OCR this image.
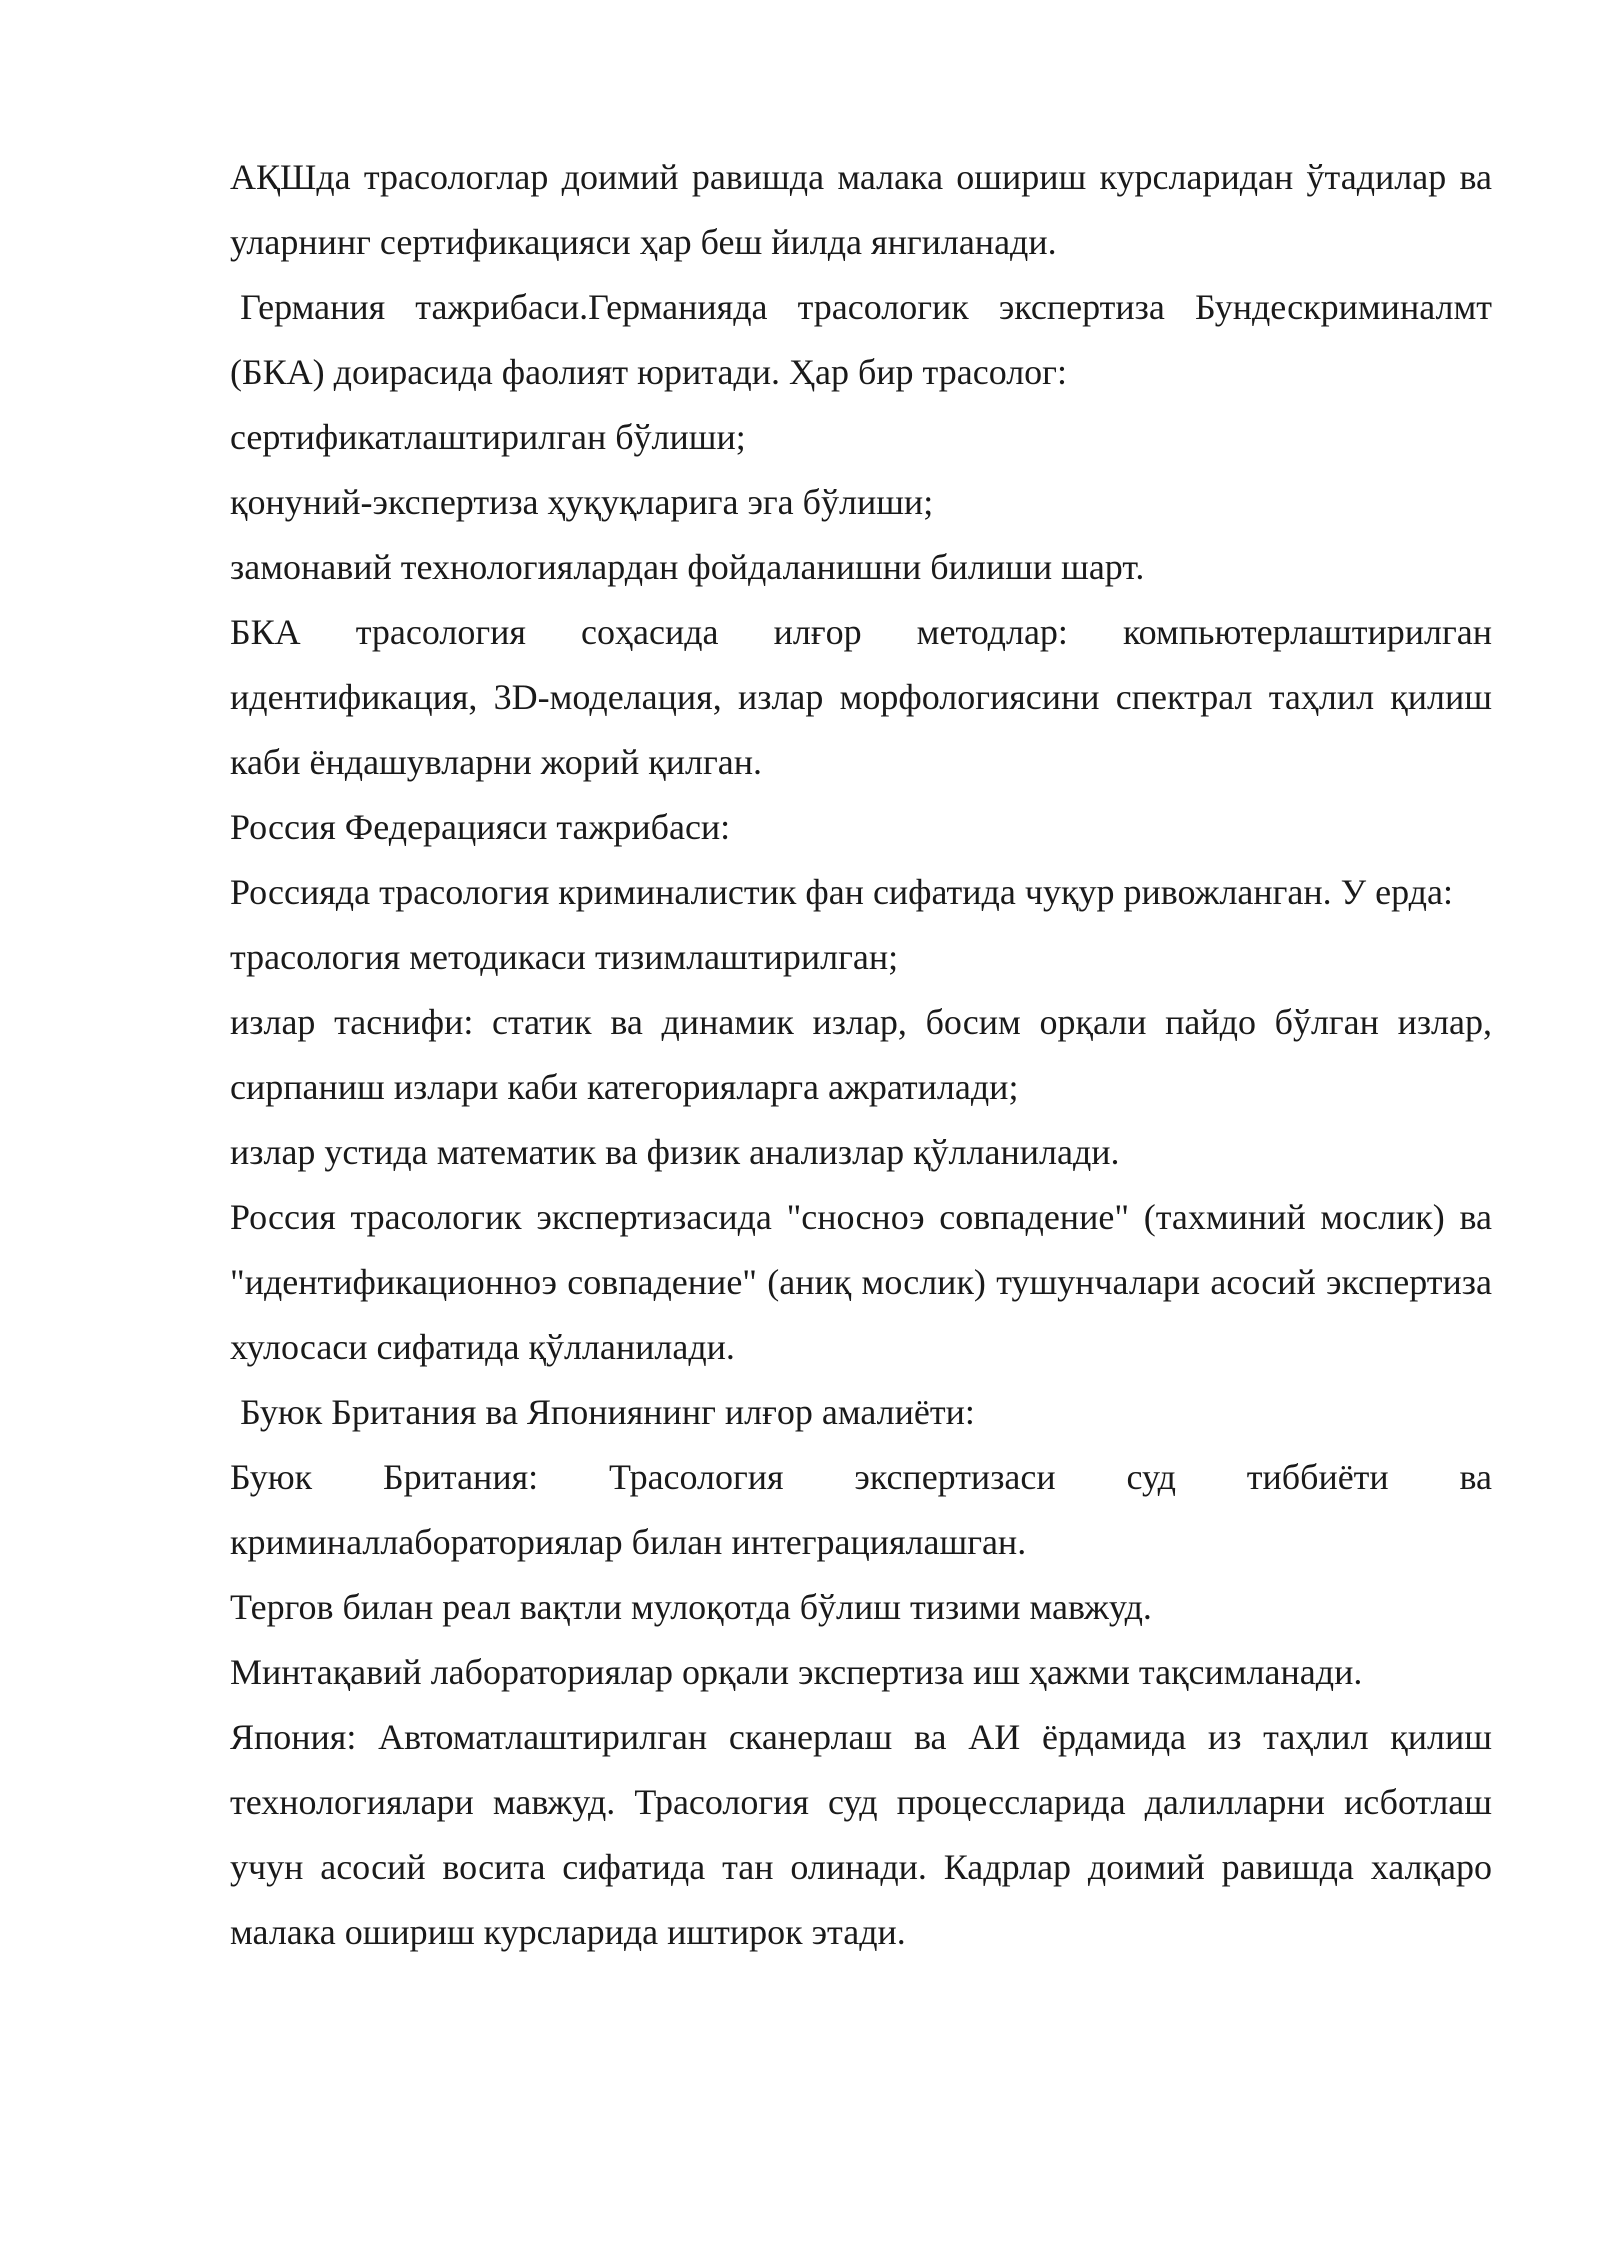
АҚШда трасологлар доимий равишда малака ошириш курсларидан ўтадилар ва уларнинг сертификацияси ҳар беш йилда янгиланади.

Германия тажрибаси.Германияда трасологик экспертиза Бундескриминалмт (БКА) доирасида фаолият юритади. Ҳар бир трасолог:

сертификатлаштирилган бўлиши;

қонуний-экспертиза ҳуқуқларига эга бўлиши;

замонавий технологиялардан фойдаланишни билиши шарт.

БКА трасология соҳасида илғор методлар: компьютерлаштирилган идентификация, 3D-моделация, излар морфологиясини спектрал таҳлил қилиш каби ёндашувларни жорий қилган.

Россия Федерацияси тажрибаси:

Россияда трасология криминалистик фан сифатида чуқур ривожланган. У ерда:

трасология методикаси тизимлаштирилган;

излар таснифи: статик ва динамик излар, босим орқали пайдо бўлган излар, сирпаниш излари каби категорияларга ажратилади;

излар устида математик ва физик анализлар қўлланилади.

Россия трасологик экспертизасида "сносноэ совпадение" (тахминий мослик) ва "идентификационноэ совпадение" (аниқ мослик) тушунчалари асосий экспертиза хулосаси сифатида қўлланилади.

Буюк Британия ва Япониянинг илғор амалиёти:

Буюк Британия: Трасология экспертизаси суд тиббиёти ва криминаллабораториялар билан интеграциялашган.

Тергов билан реал вақтли мулоқотда бўлиш тизими мавжуд.

Минтақавий лабораториялар орқали экспертиза иш ҳажми тақсимланади.

Япония: Автоматлаштирилган сканерлаш ва АИ ёрдамида из таҳлил қилиш технологиялари мавжуд. Трасология суд процессларида далилларни исботлаш учун асосий восита сифатида тан олинади. Кадрлар доимий равишда халқаро малака ошириш курсларида иштирок этади.
